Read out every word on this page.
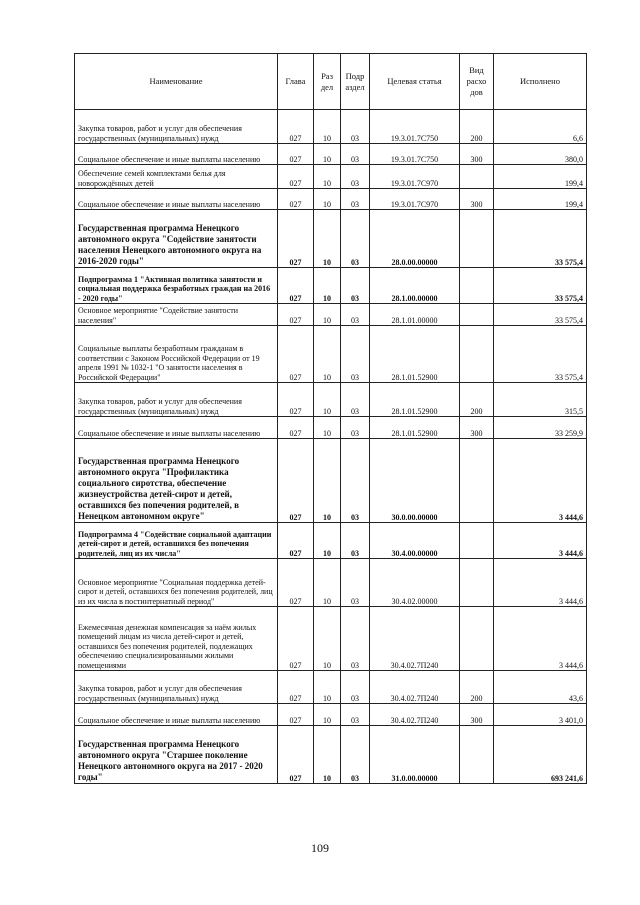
Наименование	Глава	Раз дел	Подр аздел	Целевая статья	Вид расхо дов	Исполнено
Закупка товаров, работ и услуг для обеспечения государственных (муниципальных) нужд	027	10	03	19.3.01.7С750	200	6,6
Социальное обеспечение и иные выплаты населению	027	10	03	19.3.01.7С750	300	380,0
Обеспечение семей комплектами белья для новорождённых детей	027	10	03	19.3.01.7С970		199,4
Социальное обеспечение и иные выплаты населению	027	10	03	19.3.01.7С970	300	199,4
Государственная программа Ненецкого автономного округа "Содействие занятости населения Ненецкого автономного округа на 2016-2020 годы"	027	10	03	28.0.00.00000		33 575,4
Подпрограмма 1 "Активная политика занятости и социальная поддержка безработных граждан на 2016 - 2020 годы"	027	10	03	28.1.00.00000		33 575,4
Основное мероприятие "Содействие занятости населения"	027	10	03	28.1.01.00000		33 575,4
Социальные выплаты безработным гражданам в соответствии с Законом Российской Федерации от 19 апреля 1991 № 1032-1 "О занятости населения в Российской Федерации"	027	10	03	28.1.01.52900		33 575,4
Закупка товаров, работ и услуг для обеспечения государственных (муниципальных) нужд	027	10	03	28.1.01.52900	200	315,5
Социальное обеспечение и иные выплаты населению	027	10	03	28.1.01.52900	300	33 259,9
Государственная программа Ненецкого автономного округа "Профилактика социального сиротства, обеспечение жизнеустройства детей-сирот и детей, оставшихся без попечения родителей, в Ненецком автономном округе"	027	10	03	30.0.00.00000		3 444,6
Подпрограмма 4 "Содействие социальной адаптации детей-сирот и детей, оставшихся без попечения родителей, лиц из их числа"	027	10	03	30.4.00.00000		3 444,6
Основное мероприятие "Социальная поддержка детей-сирот и детей, оставшихся без попечения родителей, лиц из их числа в постинтернатный период"	027	10	03	30.4.02.00000		3 444,6
Ежемесячная денежная компенсация за наём жилых помещений лицам из числа детей-сирот и детей, оставшихся без попечения родителей, подлежащих обеспечению специализированными жилыми помещениями	027	10	03	30.4.02.7П240		3 444,6
Закупка товаров, работ и услуг для обеспечения государственных (муниципальных) нужд	027	10	03	30.4.02.7П240	200	43,6
Социальное обеспечение и иные выплаты населению	027	10	03	30.4.02.7П240	300	3 401,0
Государственная программа Ненецкого автономного округа "Старшее поколение Ненецкого автономного округа на 2017 - 2020 годы"	027	10	03	31.0.00.00000		693 241,6
109
